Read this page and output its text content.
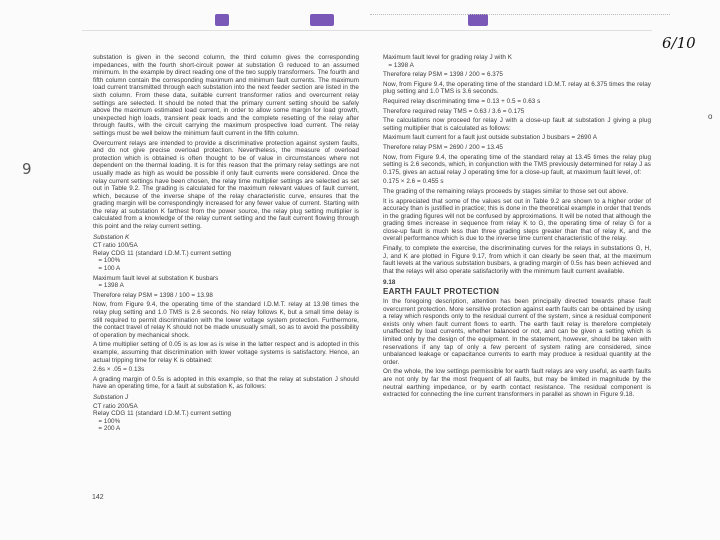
6/10
9
o

substation is given in the second column, the third column gives the corresponding impedances, with the fourth short-circuit power at substation G reduced to an assumed minimum. In the example by direct reading one of the two supply transformers. The fourth and fifth column contain the corresponding maximum and minimum fault currents. The maximum load current transmitted through each substation into the next feeder section are listed in the sixth column. From these data, suitable current transformer ratios and overcurrent relay settings are selected. It should be noted that the primary current setting should be safely above the maximum estimated load current, in order to allow some margin for load growth, unexpected high loads, transient peak loads and the complete resetting of the relay after through faults, with the circuit carrying the maximum prospective load current. The relay settings must be well below the minimum fault current in the fifth column.

Overcurrent relays are intended to provide a discriminative protection against system faults, and do not give precise overload protection. Nevertheless, the measure of overload protection which is obtained is often thought to be of value in circumstances where not dependent on the thermal loading. It is for this reason that the primary relay settings are not usually made as high as would be possible if only fault currents were considered. Once the relay current settings have been chosen, the relay time multiplier settings are selected as set out in Table 9.2. The grading is calculated for the maximum relevant values of fault current, which, because of the inverse shape of the relay characteristic curve, ensures that the grading margin will be correspondingly increased for any fewer value of current. Starting with the relay at substation K farthest from the power source, the relay plug setting multiplier is calculated from a knowledge of the relay current setting and the fault current flowing through this point and the relay current setting.

Substation K
CT ratio 100/5A
Relay CDG 11 (standard I.D.M.T.) current setting
= 100%
= 100 A
Maximum fault level at substation K busbars
= 1398 A
Therefore relay PSM = 1398 / 100 = 13.98

Now, from Figure 9.4, the operating time of the standard I.D.M.T. relay at 13.98 times the relay plug setting and 1.0 TMS is 2.6 seconds. No relay follows K, but a small time delay is still required to permit discrimination with the lower voltage system protection. Furthermore, the contact travel of relay K should not be made unusually small, so as to avoid the possibility of operation by mechanical shock.

A time multiplier setting of 0.05 is as low as is wise in the latter respect and is adopted in this example, assuming that discrimination with lower voltage systems is satisfactory. Hence, an actual tripping time for relay K is obtained:

2.6s × .05 = 0.13s

A grading margin of 0.5s is adopted in this example, so that the relay at substation J should have an operating time, for a fault at substation K, as follows:

Substation J
CT ratio 200/5A
Relay CDG 11 (standard I.D.M.T.) current setting
= 100%
= 200 A
Maximum fault level for grading relay J with K
= 1398 A
Therefore relay PSM = 1398 / 200 = 6.375

Now, from Figure 9.4, the operating time of the standard I.D.M.T. relay at 6.375 times the relay plug setting and 1.0 TMS is 3.6 seconds.

Required relay discriminating time = 0.13 + 0.5 = 0.63 s
Therefore required relay TMS = 0.63 / 3.6 = 0.175

The calculations now proceed for relay J with a close-up fault at substation J giving a plug setting multiplier that is calculated as follows:

Maximum fault current for a fault just outside substation J busbars = 2690 A

Therefore relay PSM = 2690 / 200 = 13.45

Now, from Figure 9.4, the operating time of the standard relay at 13.45 times the relay plug setting is 2.6 seconds, which, in conjunction with the TMS previously determined for relay J as 0.175, gives an actual relay J operating time for a close-up fault, at maximum fault level, of:

0.175 × 2.6 = 0.455 s

The grading of the remaining relays proceeds by stages similar to those set out above.

It is appreciated that some of the values set out in Table 9.2 are shown to a higher order of accuracy than is justified in practice; this is done in the theoretical example in order that trends in the grading figures will not be confused by approximations. It will be noted that although the grading times increase in sequence from relay K to G, the operating time of relay G for a close-up fault is much less than three grading steps greater than that of relay K, and the overall performance which is due to the inverse time current characteristic of the relay.

Finally, to complete the exercise, the discriminating curves for the relays in substations G, H, J, and K are plotted in Figure 9.17, from which it can clearly be seen that, at the maximum fault levels at the various substation busbars, a grading margin of 0.5s has been achieved and that the relays will also operate satisfactorily with the minimum fault current available.

9.18
EARTH FAULT PROTECTION

In the foregoing description, attention has been principally directed towards phase fault overcurrent protection. More sensitive protection against earth faults can be obtained by using a relay which responds only to the residual current of the system, since a residual component exists only when fault current flows to earth. The earth fault relay is therefore completely unaffected by load currents, whether balanced or not, and can be given a setting which is limited only by the design of the equipment. In the statement, however, should be taken with reservations if any tap of only a few percent of system rating are considered, since unbalanced leakage or capacitance currents to earth may produce a residual quantity at the order.

On the whole, the low settings permissible for earth fault relays are very useful, as earth faults are not only by far the most frequent of all faults, but may be limited in magnitude by the neutral earthing impedance, or by earth contact resistance. The residual component is extracted for connecting the line current transformers in parallel as shown in Figure 9.18.

142
